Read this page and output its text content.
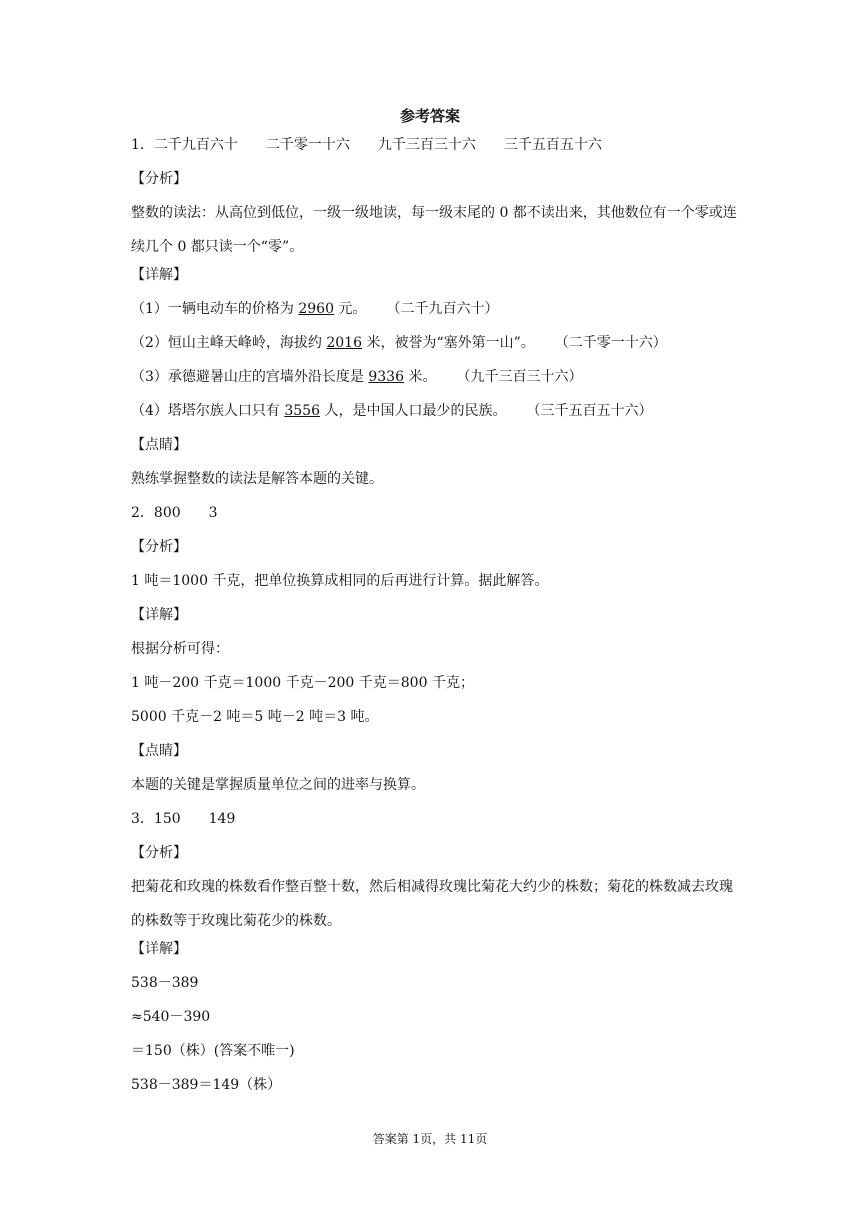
参考答案
1．二千九百六十 二千零一十六 九千三百三十六 三千五百五十六
【分析】
整数的读法：从高位到低位，一级一级地读，每一级末尾的 0 都不读出来，其他数位有一个零或连续几个 0 都只读一个“零”。
【详解】
（1）一辆电动车的价格为 2960 元。 （二千九百六十）
（2）恒山主峰天峰岭，海拔约 2016 米，被誉为“塞外第一山”。 （二千零一十六）
（3）承德避暑山庄的宫墙外沿长度是 9336 米。 （九千三百三十六）
（4）塔塔尔族人口只有 3556 人，是中国人口最少的民族。 （三千五百五十六）
【点睛】
熟练掌握整数的读法是解答本题的关键。
2．800 3
【分析】
1 吨＝1000 千克，把单位换算成相同的后再进行计算。据此解答。
【详解】
根据分析可得：
1 吨－200 千克＝1000 千克－200 千克＝800 千克；
5000 千克－2 吨＝5 吨－2 吨＝3 吨。
【点睛】
本题的关键是掌握质量单位之间的进率与换算。
3．150 149
【分析】
把菊花和玫瑰的株数看作整百整十数，然后相减得玫瑰比菊花大约少的株数；菊花的株数减去玫瑰的株数等于玫瑰比菊花少的株数。
【详解】
538－389
≈540－390
＝150（株）(答案不唯一)
538－389＝149（株）
答案第 1页，共 11页
